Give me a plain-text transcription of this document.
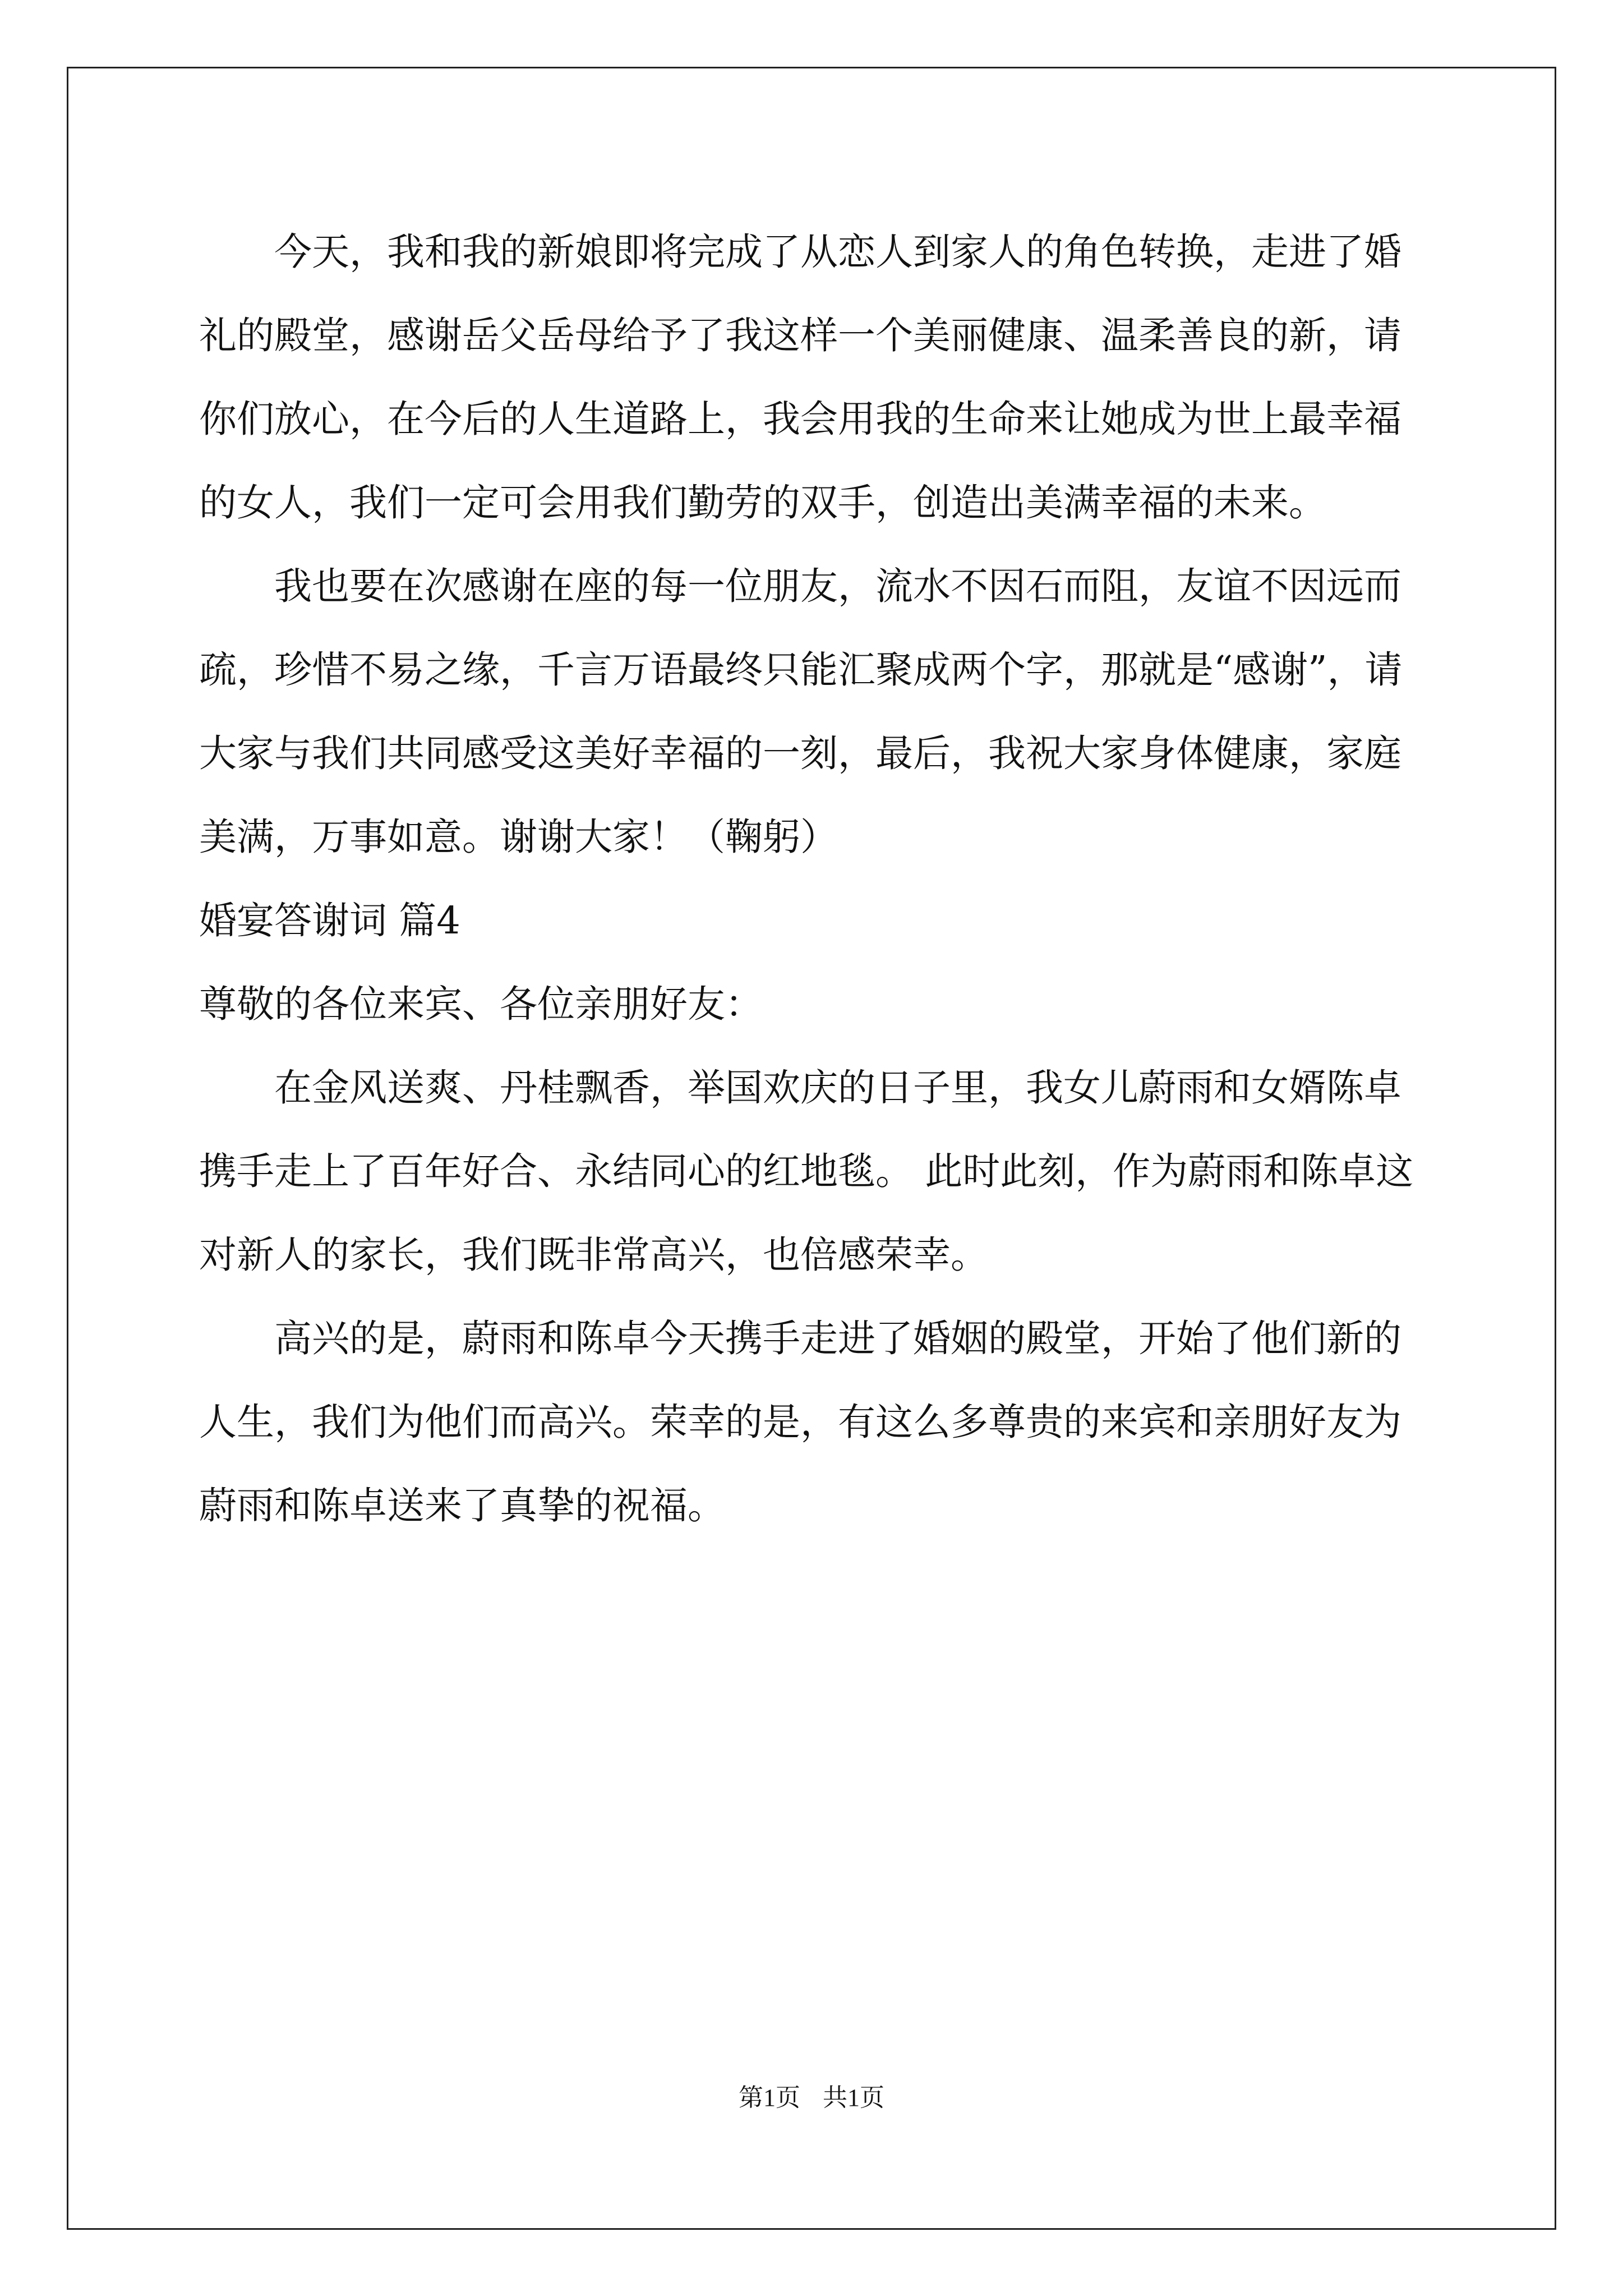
今天，我和我的新娘即将完成了从恋人到家人的角色转换，走进了婚礼的殿堂，感谢岳父岳母给予了我这样一个美丽健康、温柔善良的新，请你们放心，在今后的人生道路上，我会用我的生命来让她成为世上最幸福的女人，我们一定可会用我们勤劳的双手，创造出美满幸福的未来。

我也要在次感谢在座的每一位朋友，流水不因石而阻，友谊不因远而疏，珍惜不易之缘，千言万语最终只能汇聚成两个字，那就是“感谢”，请大家与我们共同感受这美好幸福的一刻，最后，我祝大家身体健康，家庭美满，万事如意。谢谢大家！（鞠躬）

婚宴答谢词 篇4

尊敬的各位来宾、各位亲朋好友：

在金风送爽、丹桂飘香，举国欢庆的日子里，我女儿蔚雨和女婿陈卓携手走上了百年好合、永结同心的红地毯。 此时此刻，作为蔚雨和陈卓这对新人的家长，我们既非常高兴，也倍感荣幸。

高兴的是，蔚雨和陈卓今天携手走进了婚姻的殿堂，开始了他们新的人生，我们为他们而高兴。荣幸的是，有这么多尊贵的来宾和亲朋好友为蔚雨和陈卓送来了真挚的祝福。

第1页 共1页
